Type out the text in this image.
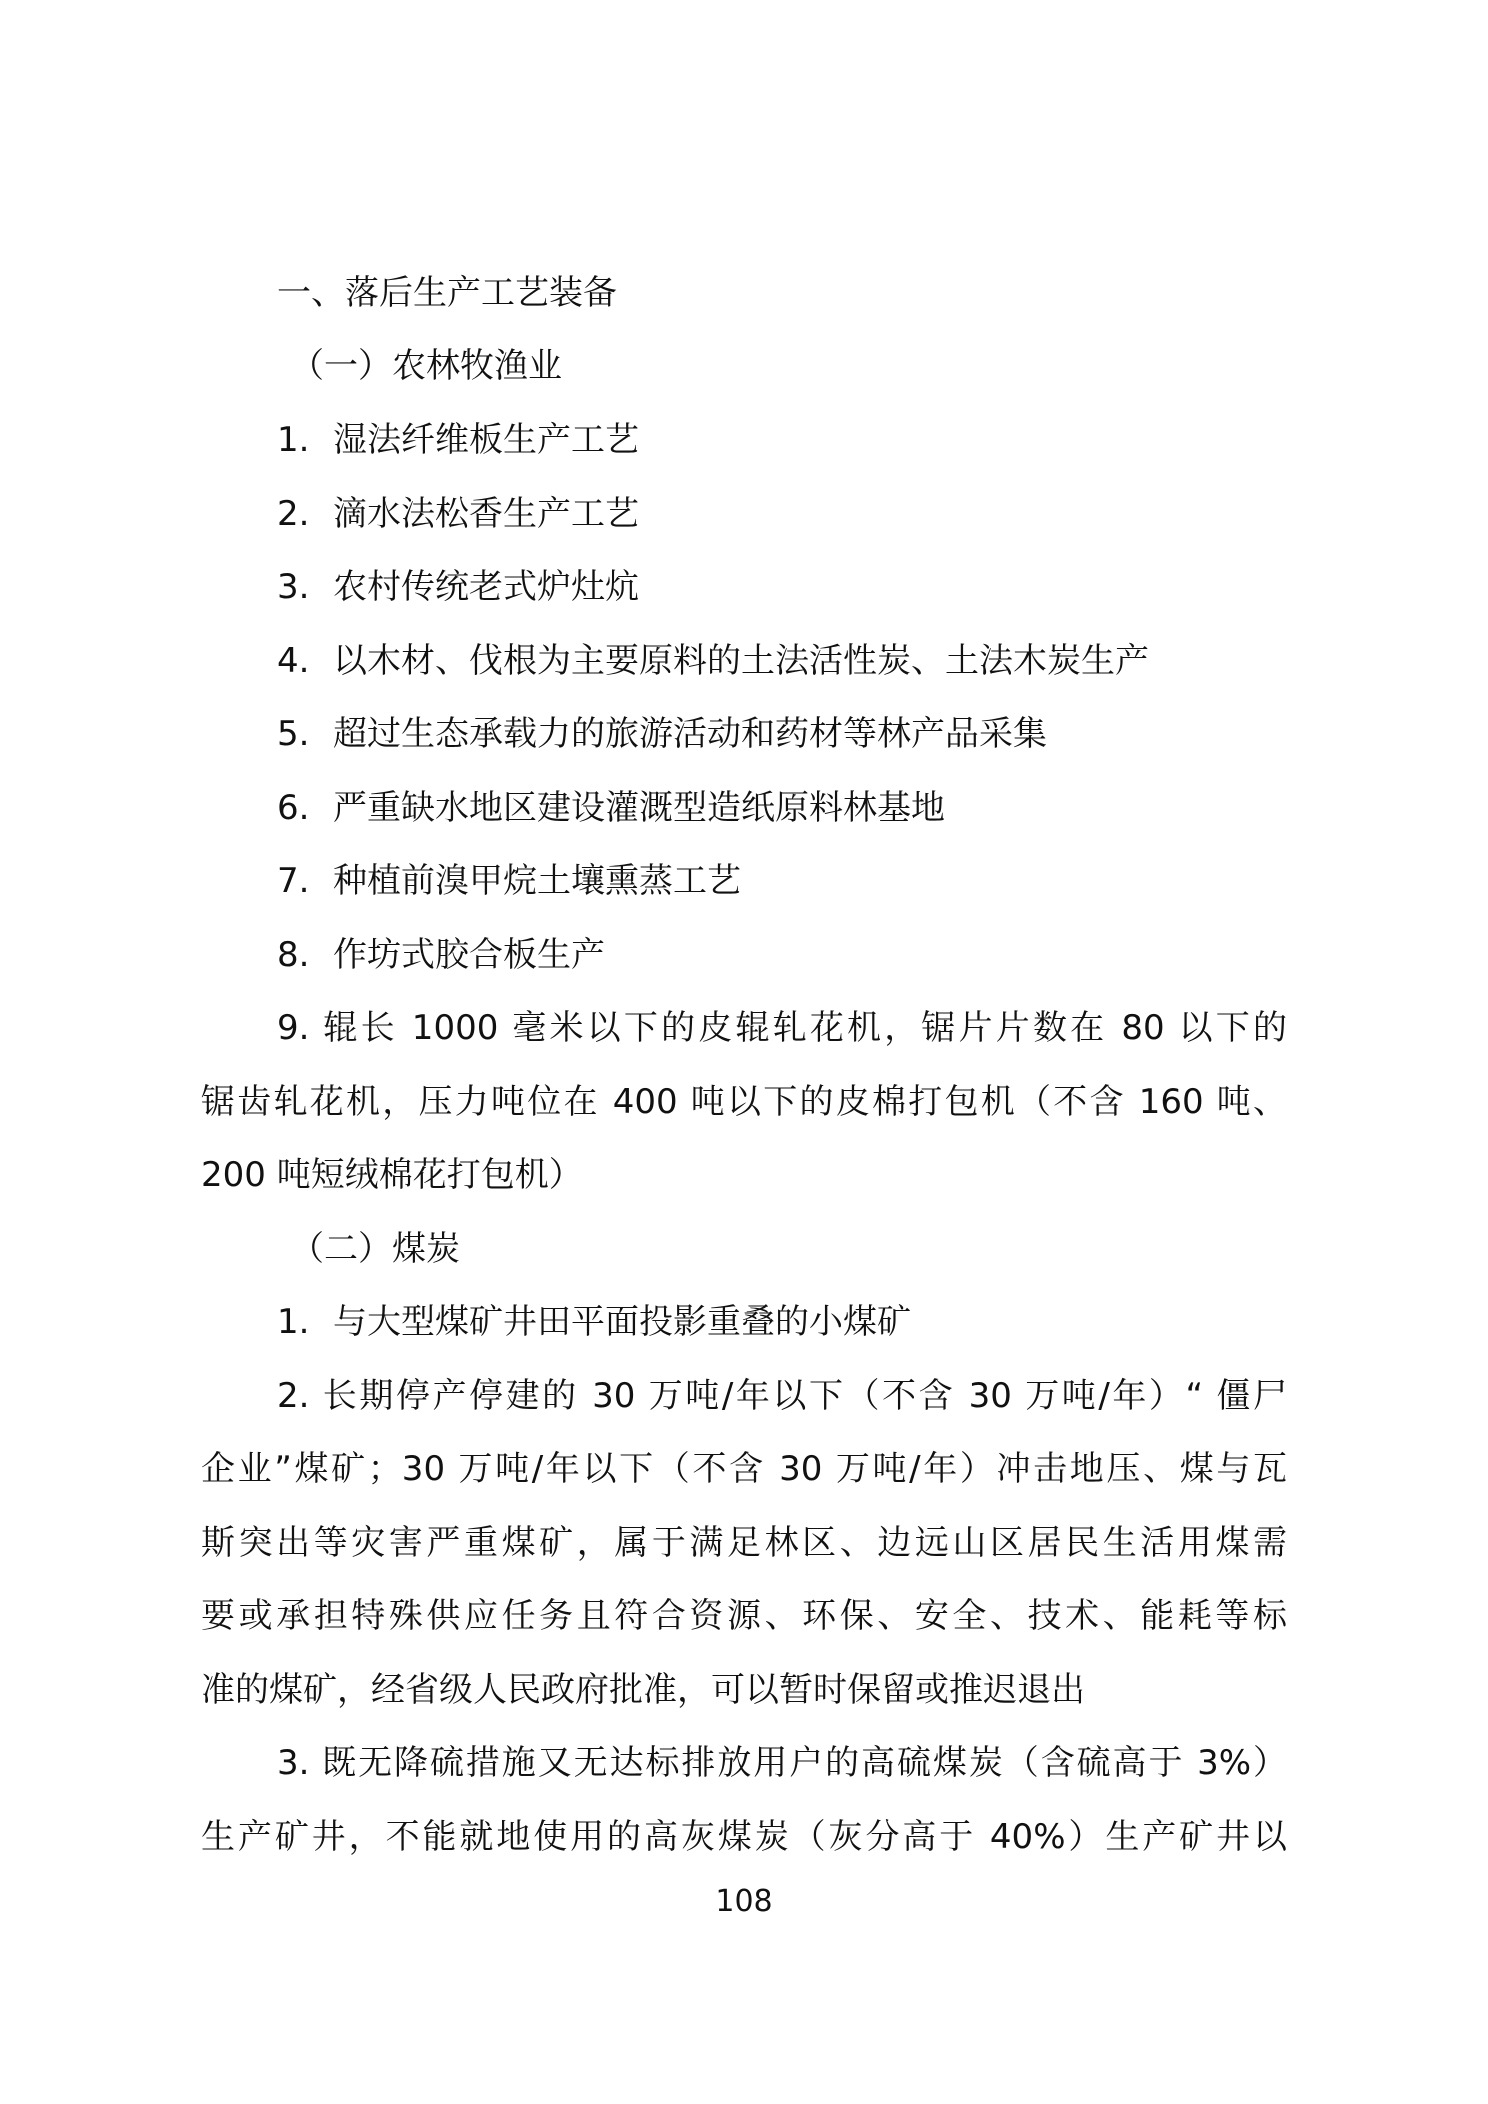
一、落后生产工艺装备
（一）农林牧渔业
1. 湿法纤维板生产工艺
2. 滴水法松香生产工艺
3. 农村传统老式炉灶炕
4. 以木材、伐根为主要原料的土法活性炭、土法木炭生产
5. 超过生态承载力的旅游活动和药材等林产品采集
6. 严重缺水地区建设灌溉型造纸原料林基地
7. 种植前溴甲烷土壤熏蒸工艺
8. 作坊式胶合板生产
9. 辊长 1000 毫米以下的皮辊轧花机，锯片片数在 80 以下的
锯齿轧花机，压力吨位在 400 吨以下的皮棉打包机（不含 160 吨、
200 吨短绒棉花打包机）
（二）煤炭
1. 与大型煤矿井田平面投影重叠的小煤矿
2. 长期停产停建的 30 万吨/年以下（不含 30 万吨/年）“ 僵尸
企业”煤矿；30 万吨/年以下（不含 30 万吨/年）冲击地压、煤与瓦
斯突出等灾害严重煤矿，属于满足林区、边远山区居民生活用煤需
要或承担特殊供应任务且符合资源、环保、安全、技术、能耗等标
准的煤矿，经省级人民政府批准，可以暂时保留或推迟退出
3. 既无降硫措施又无达标排放用户的高硫煤炭（含硫高于 3%）
生产矿井，不能就地使用的高灰煤炭（灰分高于 40%）生产矿井以
108
